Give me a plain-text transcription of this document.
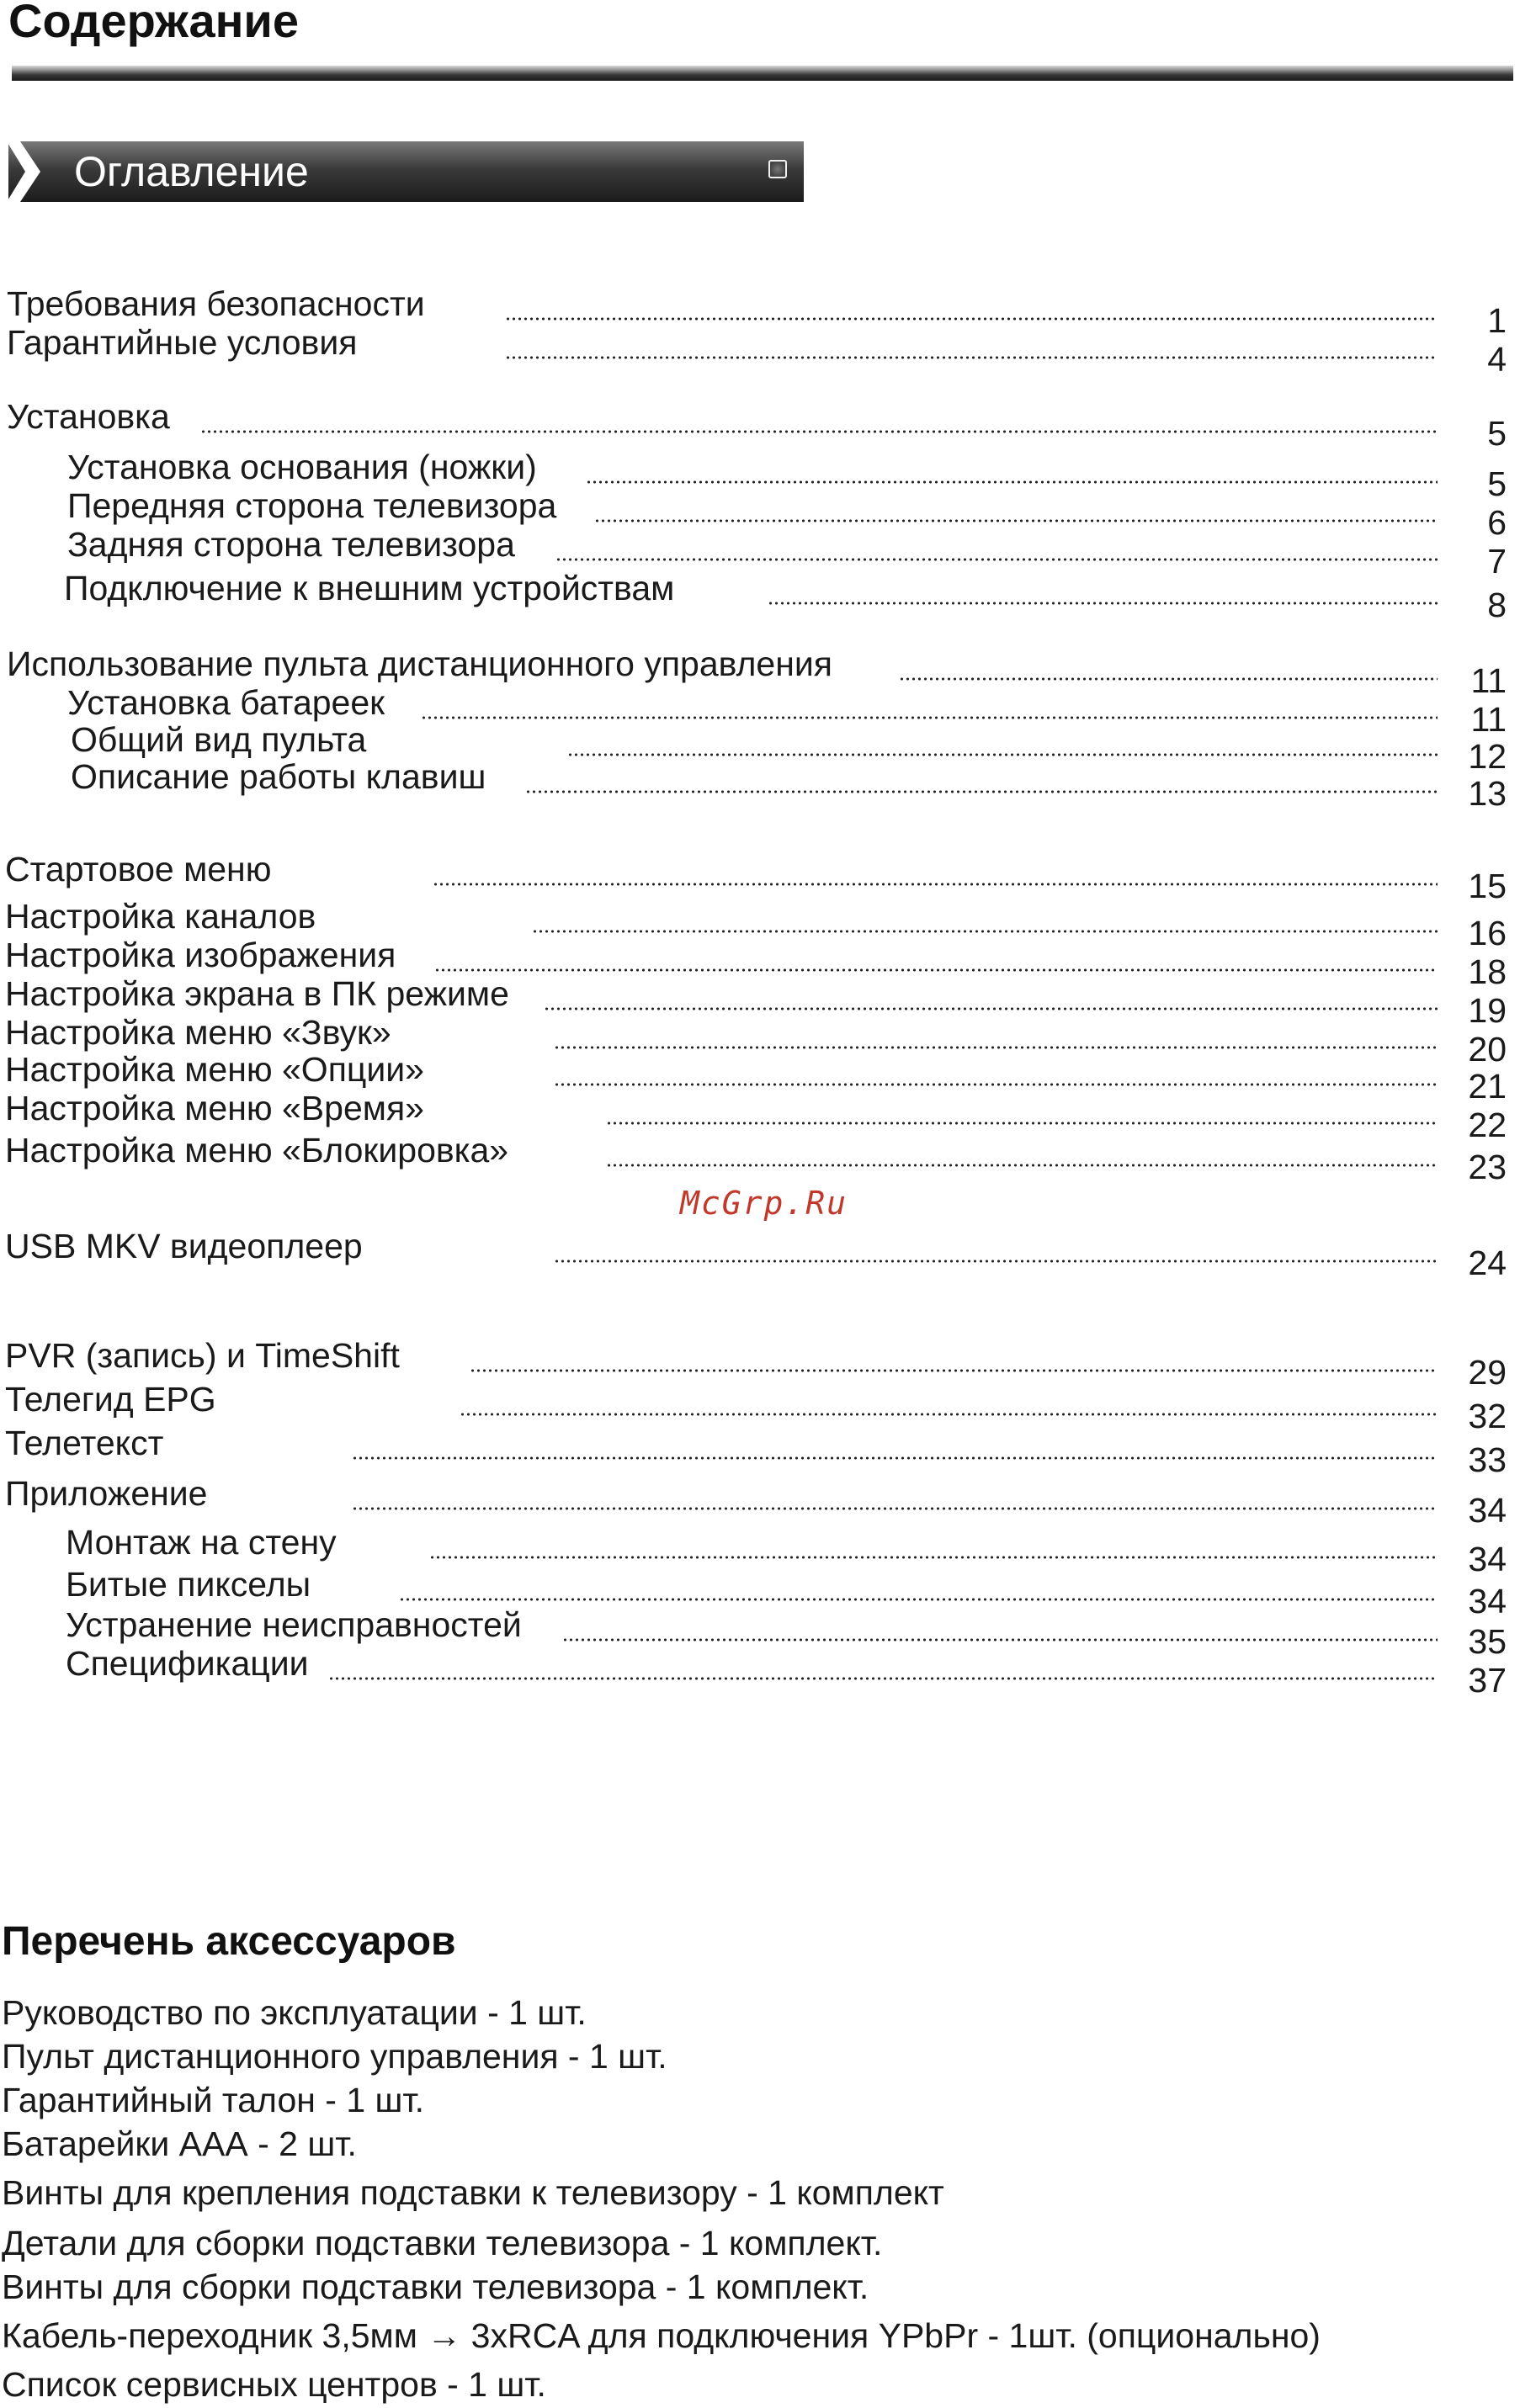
Содержание
Оглавление
Требования безопасности	1
Гарантийные условия	4
Установка	5
Установка основания (ножки)	5
Передняя сторона телевизора	6
Задняя сторона телевизора	7
Подключение к внешним устройствам	8
Использование пульта дистанционного управления	11
Установка батареек	11
Общий вид пульта	12
Описание работы клавиш	13
Стартовое меню	15
Настройка каналов	16
Настройка изображения	18
Настройка экрана в ПК режиме	19
Настройка меню «Звук»	20
Настройка меню «Опции»	21
Настройка меню «Время»	22
Настройка меню «Блокировка»	23
McGrp.Ru
USB MKV видеоплеер	24
PVR (запись) и TimeShift	29
Телегид EPG	32
Телетекст	33
Приложение	34
Монтаж на стену	34
Битые пикселы	34
Устранение неисправностей	35
Спецификации	37
Перечень аксессуаров
Руководство по эксплуатации - 1 шт.
Пульт дистанционного управления - 1 шт.
Гарантийный талон - 1 шт.
Батарейки ААА - 2 шт.
Винты для крепления подставки к телевизору - 1 комплект
Детали для сборки подставки телевизора - 1 комплект.
Винты для сборки подставки телевизора - 1 комплект.
Кабель-переходник 3,5мм → 3xRCA для подключения YPbPr - 1шт. (опционально)
Список сервисных центров - 1 шт.
